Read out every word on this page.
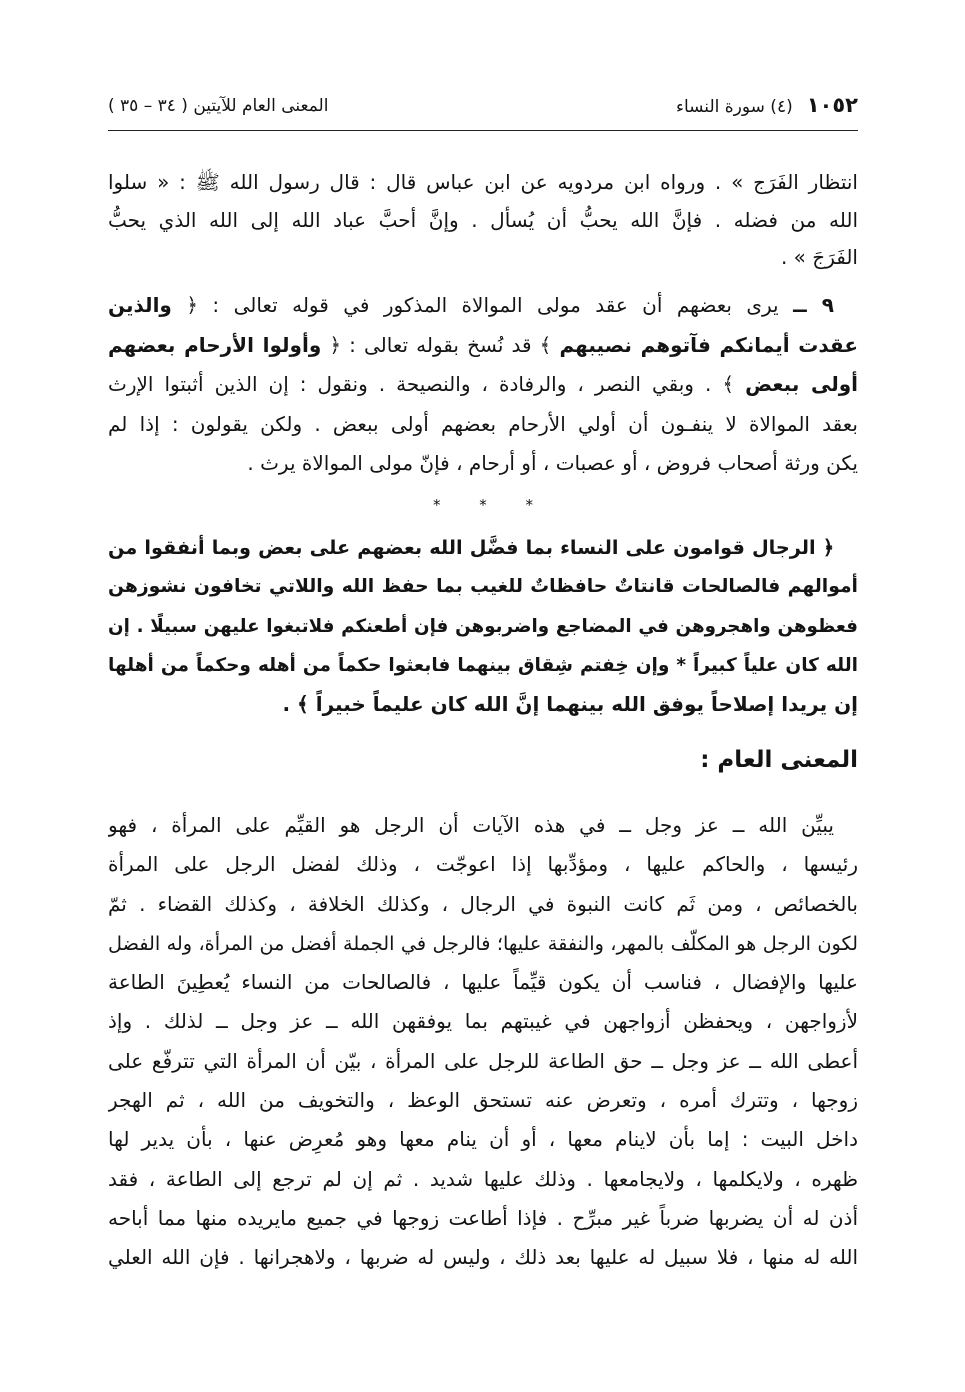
١٠٥٢(٤) سورة النساء
المعنى العام للآيتين ( ٣٤ – ٣٥ )
انتظار الفَرَج » . ورواه ابن مردويه عن ابن عباس قال : قال رسول الله ﷺ : « سلوا
الله من فضله . فإنَّ الله يحبُّ أن يُسأل . وإنَّ أحبَّ عباد الله إلى الله الذي يحبُّ
الفَرَجَ » .
٩ ــ يرى بعضهم أن عقد مولى الموالاة المذكور في قوله تعالى : ﴿ والذين
عقدت أيمانكم فآتوهم نصيبهم ﴾ قد نُسخ بقوله تعالى : ﴿ وأولوا الأرحام بعضهم
أولى ببعض ﴾ . وبقي النصر ، والرفادة ، والنصيحة . ونقول : إن الذين أثبتوا الإرث
بعقد الموالاة لا ينفـون أن أولي الأرحام بعضهم أولى ببعض . ولكن يقولون : إذا لم
يكن ورثة أصحاب فروض ، أو عصبات ، أو أرحام ، فإنّ مولى الموالاة يرث .
* * *
﴿ الرجال قوامون على النساء بما فضَّل الله بعضهم على بعض وبما أنفقوا من
أموالهم فالصالحات قانتاتٌ حافظاتٌ للغيب بما حفظ الله واللاتي تخافون نشوزهن
فعظوهن واهجروهن في المضاجع واضربوهن فإن أطعنكم فلاتبغوا عليهن سبيلًا . إن
الله كان علياً كبيراً * وإن خِفتم شِقاق بينهما فابعثوا حكماً من أهله وحكماً من أهلها
إن يريدا إصلاحاً يوفق الله بينهما إنَّ الله كان عليماً خبيراً ﴾ .
المعنى العام :
يبيِّن الله ــ عز وجل ــ في هذه الآيات أن الرجل هو القيِّم على المرأة ، فهو
رئيسها ، والحاكم عليها ، ومؤدِّبها إذا اعوجّت ، وذلك لفضل الرجل على المرأة
بالخصائص ، ومن ثَم كانت النبوة في الرجال ، وكذلك الخلافة ، وكذلك القضاء . ثمّ
لكون الرجل هو المكلّف بالمهر، والنفقة عليها؛ فالرجل في الجملة أفضل من المرأة، وله الفضل
عليها والإفضال ، فناسب أن يكون قيِّماً عليها ، فالصالحات من النساء يُعطِينَ الطاعة
لأزواجهن ، ويحفظن أزواجهن في غيبتهم بما يوفقهن الله ــ عز وجل ــ لذلك . وإذ
أعطى الله ــ عز وجل ــ حق الطاعة للرجل على المرأة ، بيّن أن المرأة التي تترفّع على
زوجها ، وتترك أمره ، وتعرض عنه تستحق الوعظ ، والتخويف من الله ، ثم الهجر
داخل البيت : إما بأن لاينام معها ، أو أن ينام معها وهو مُعرِض عنها ، بأن يدير لها
ظهره ، ولايكلمها ، ولايجامعها . وذلك عليها شديد . ثم إن لم ترجع إلى الطاعة ، فقد
أذن له أن يضربها ضرباً غير مبرِّح . فإذا أطاعت زوجها في جميع مايريده منها مما أباحه
الله له منها ، فلا سبيل له عليها بعد ذلك ، وليس له ضربها ، ولاهجرانها . فإن الله العلي
